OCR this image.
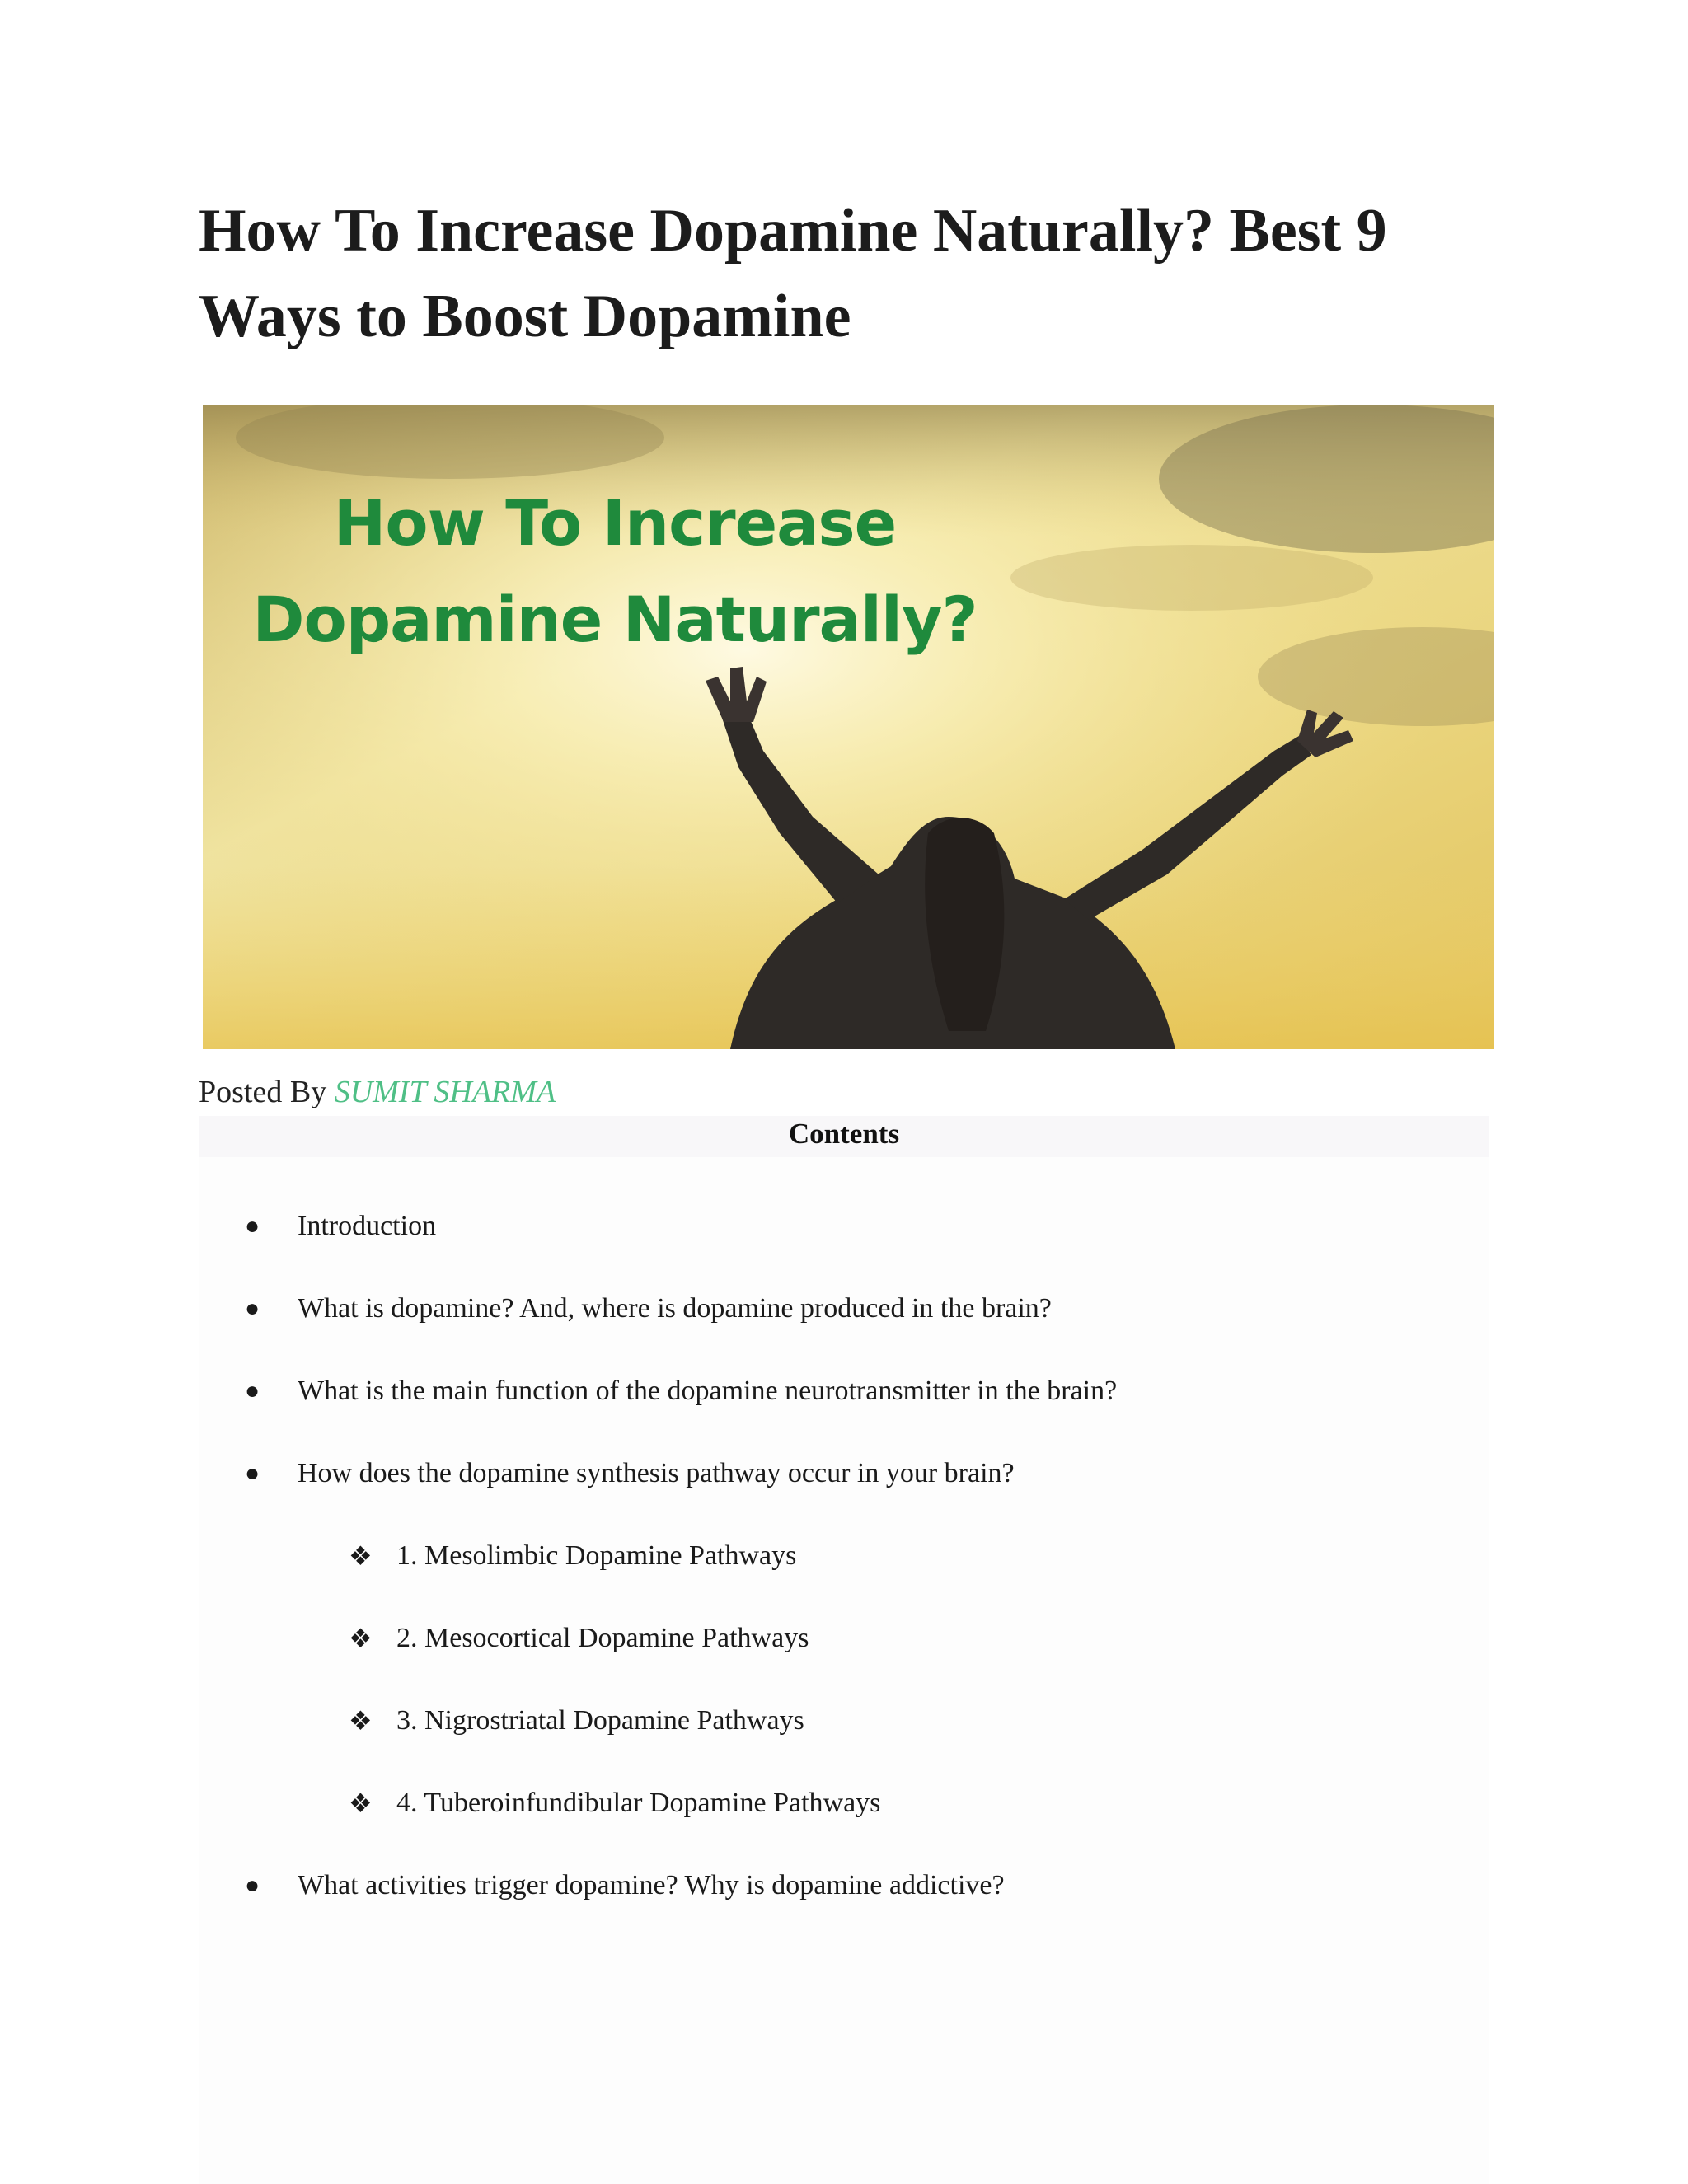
How To Increase Dopamine Naturally? Best 9 Ways to Boost Dopamine
How To Increase
Dopamine Naturally?
Posted By SUMIT SHARMA
Contents
● Introduction
● What is dopamine? And, where is dopamine produced in the brain?
● What is the main function of the dopamine neurotransmitter in the brain?
● How does the dopamine synthesis pathway occur in your brain?
❖ 1. Mesolimbic Dopamine Pathways
❖ 2. Mesocortical Dopamine Pathways
❖ 3. Nigrostriatal Dopamine Pathways
❖ 4. Tuberoinfundibular Dopamine Pathways
● What activities trigger dopamine? Why is dopamine addictive?
